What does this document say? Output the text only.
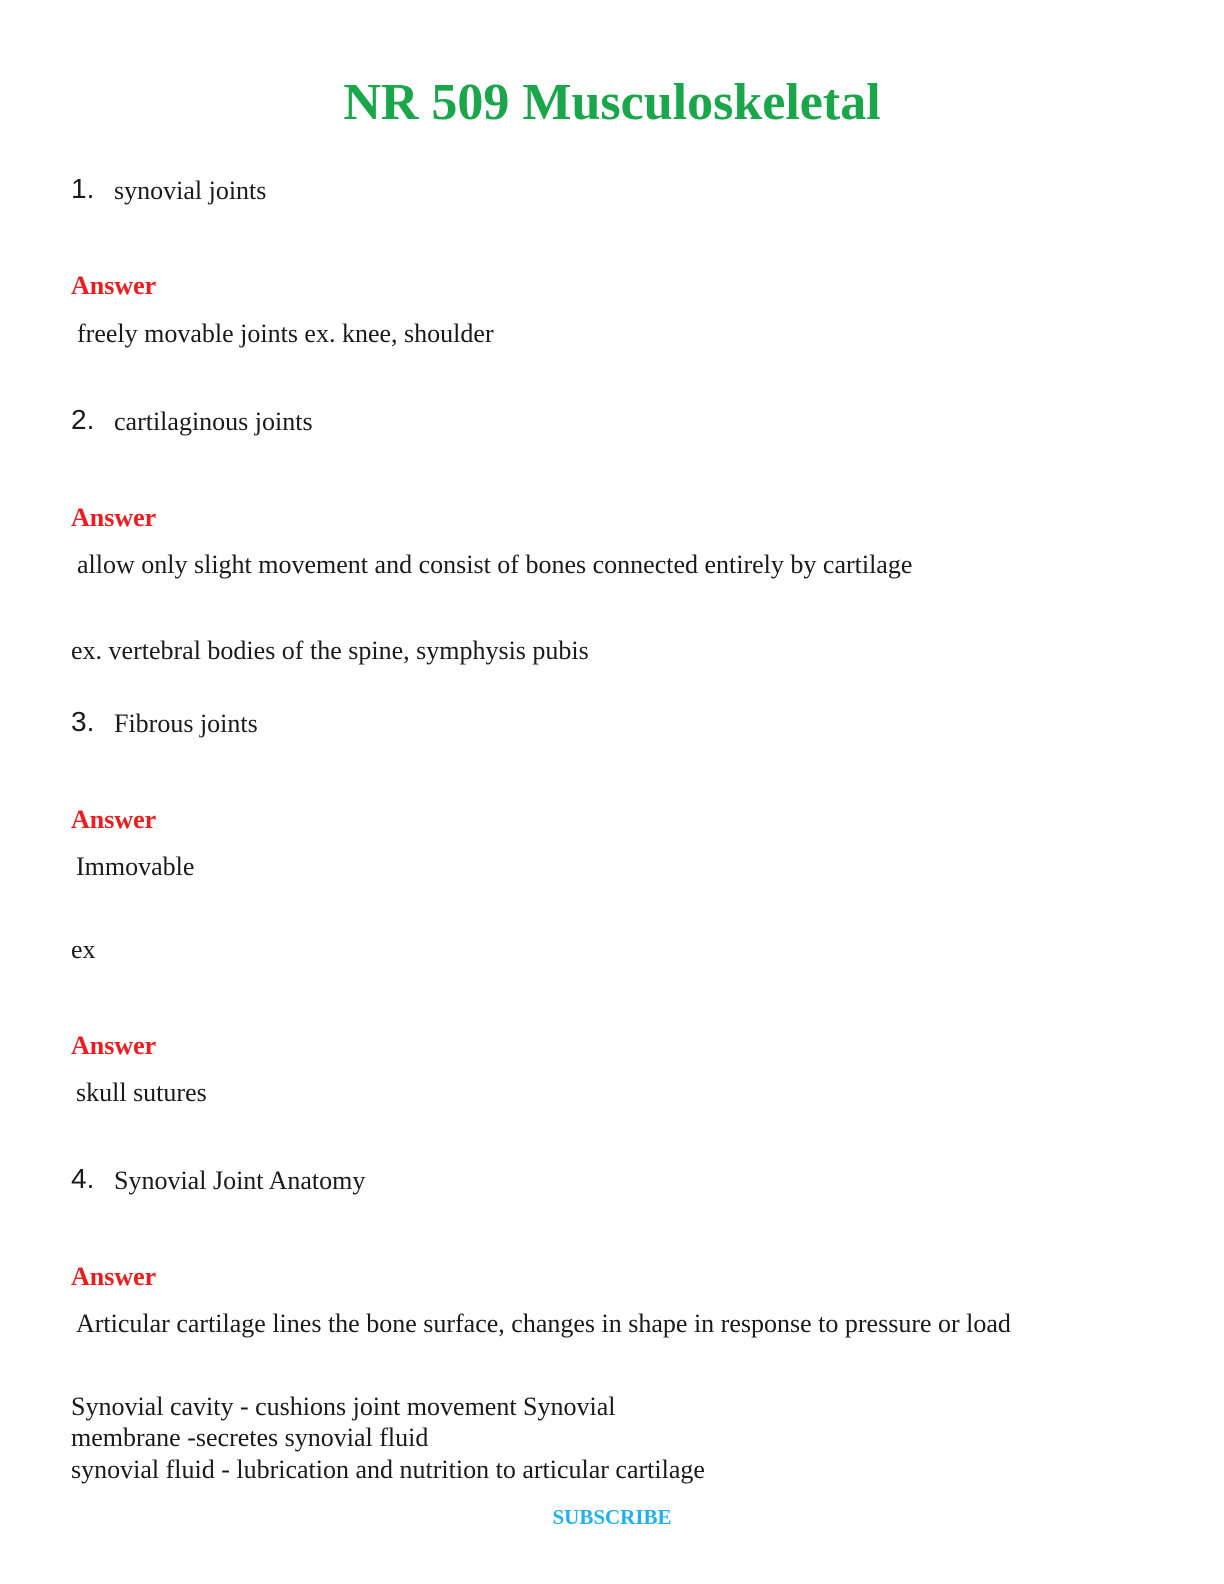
NR 509 Musculoskeletal
1. synovial joints
Answer
freely movable joints ex. knee, shoulder
2. cartilaginous joints
Answer
allow only slight movement and consist of bones connected entirely by cartilage
ex. vertebral bodies of the spine, symphysis pubis
3. Fibrous joints
Answer
Immovable
ex
Answer
skull sutures
4. Synovial Joint Anatomy
Answer
Articular cartilage lines the bone surface, changes in shape in response to pressure or load
Synovial cavity - cushions joint movement Synovial
membrane -secretes synovial fluid
synovial fluid - lubrication and nutrition to articular cartilage
SUBSCRIBE
